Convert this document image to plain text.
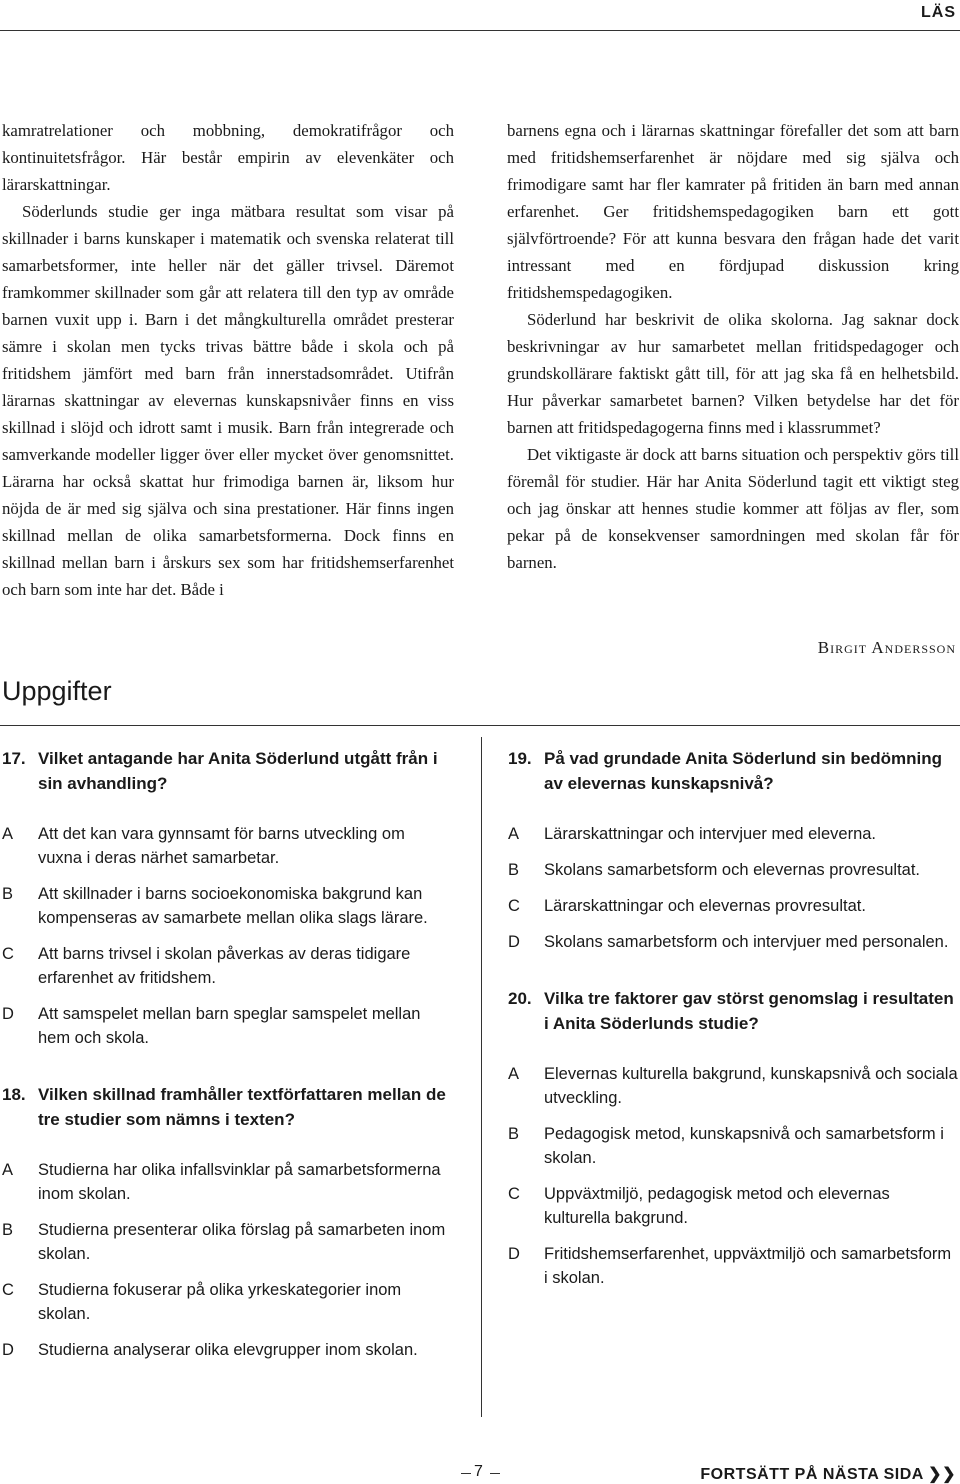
LÄS

kamratrelationer och mobbning, demokratifrågor och kontinuitetsfrågor. Här består empirin av elevenkäter och lärarskattningar.

Söderlunds studie ger inga mätbara resultat som visar på skillnader i barns kunskaper i matematik och svenska relaterat till samarbetsformer, inte heller när det gäller trivsel. Däremot framkommer skillnader som går att relatera till den typ av område barnen vuxit upp i. Barn i det mångkulturella området presterar sämre i skolan men tycks trivas bättre både i skola och på fritidshem jämfört med barn från innerstadsområdet. Utifrån lärarnas skattningar av elevernas kunskapsnivåer finns en viss skillnad i slöjd och idrott samt i musik. Barn från integrerade och samverkande modeller ligger över eller mycket över genomsnittet. Lärarna har också skattat hur frimodiga barnen är, liksom hur nöjda de är med sig själva och sina prestationer. Här finns ingen skillnad mellan de olika samarbetsformerna. Dock finns en skillnad mellan barn i årskurs sex som har fritidshemserfarenhet och barn som inte har det. Både i

barnens egna och i lärarnas skattningar förefaller det som att barn med fritidshemserfarenhet är nöjdare med sig själva och frimodigare samt har fler kamrater på fritiden än barn med annan erfarenhet. Ger fritidshemspedagogiken barn ett gott självförtroende? För att kunna besvara den frågan hade det varit intressant med en fördjupad diskussion kring fritidshemspedagogiken.

Söderlund har beskrivit de olika skolorna. Jag saknar dock beskrivningar av hur samarbetet mellan fritidspedagoger och grundskollärare faktiskt gått till, för att jag ska få en helhetsbild. Hur påverkar samarbetet barnen? Vilken betydelse har det för barnen att fritidspedagogerna finns med i klassrummet?

Det viktigaste är dock att barns situation och perspektiv görs till föremål för studier. Här har Anita Söderlund tagit ett viktigt steg och jag önskar att hennes studie kommer att följas av fler, som pekar på de konsekvenser samordningen med skolan får för barnen.

Birgit Andersson
Uppgifter
17. Vilket antagande har Anita Söderlund utgått från i sin avhandling?
A	Att det kan vara gynnsamt för barns utveckling om vuxna i deras närhet samarbetar.
B	Att skillnader i barns socioekonomiska bakgrund kan kompenseras av samarbete mellan olika slags lärare.
C	Att barns trivsel i skolan påverkas av deras tidigare erfarenhet av fritidshem.
D	Att samspelet mellan barn speglar samspelet mellan hem och skola.
18. Vilken skillnad framhåller textförfattaren mellan de tre studier som nämns i texten?
A	Studierna har olika infallsvinklar på samarbetsformerna inom skolan.
B	Studierna presenterar olika förslag på samarbeten inom skolan.
C	Studierna fokuserar på olika yrkeskategorier inom skolan.
D	Studierna analyserar olika elevgrupper inom skolan.
19. På vad grundade Anita Söderlund sin bedömning av elevernas kunskapsnivå?
A	Lärarskattningar och intervjuer med eleverna.
B	Skolans samarbetsform och elevernas provresultat.
C	Lärarskattningar och elevernas provresultat.
D	Skolans samarbetsform och intervjuer med personalen.
20. Vilka tre faktorer gav störst genomslag i resultaten i Anita Söderlunds studie?
A	Elevernas kulturella bakgrund, kunskapsnivå och sociala utveckling.
B	Pedagogisk metod, kunskapsnivå och samarbetsform i skolan.
C	Uppväxtmiljö, pedagogisk metod och elevernas kulturella bakgrund.
D	Fritidshemserfarenhet, uppväxtmiljö och samarbetsform i skolan.
7	FORTSÄTT PÅ NÄSTA SIDA ❯❯
